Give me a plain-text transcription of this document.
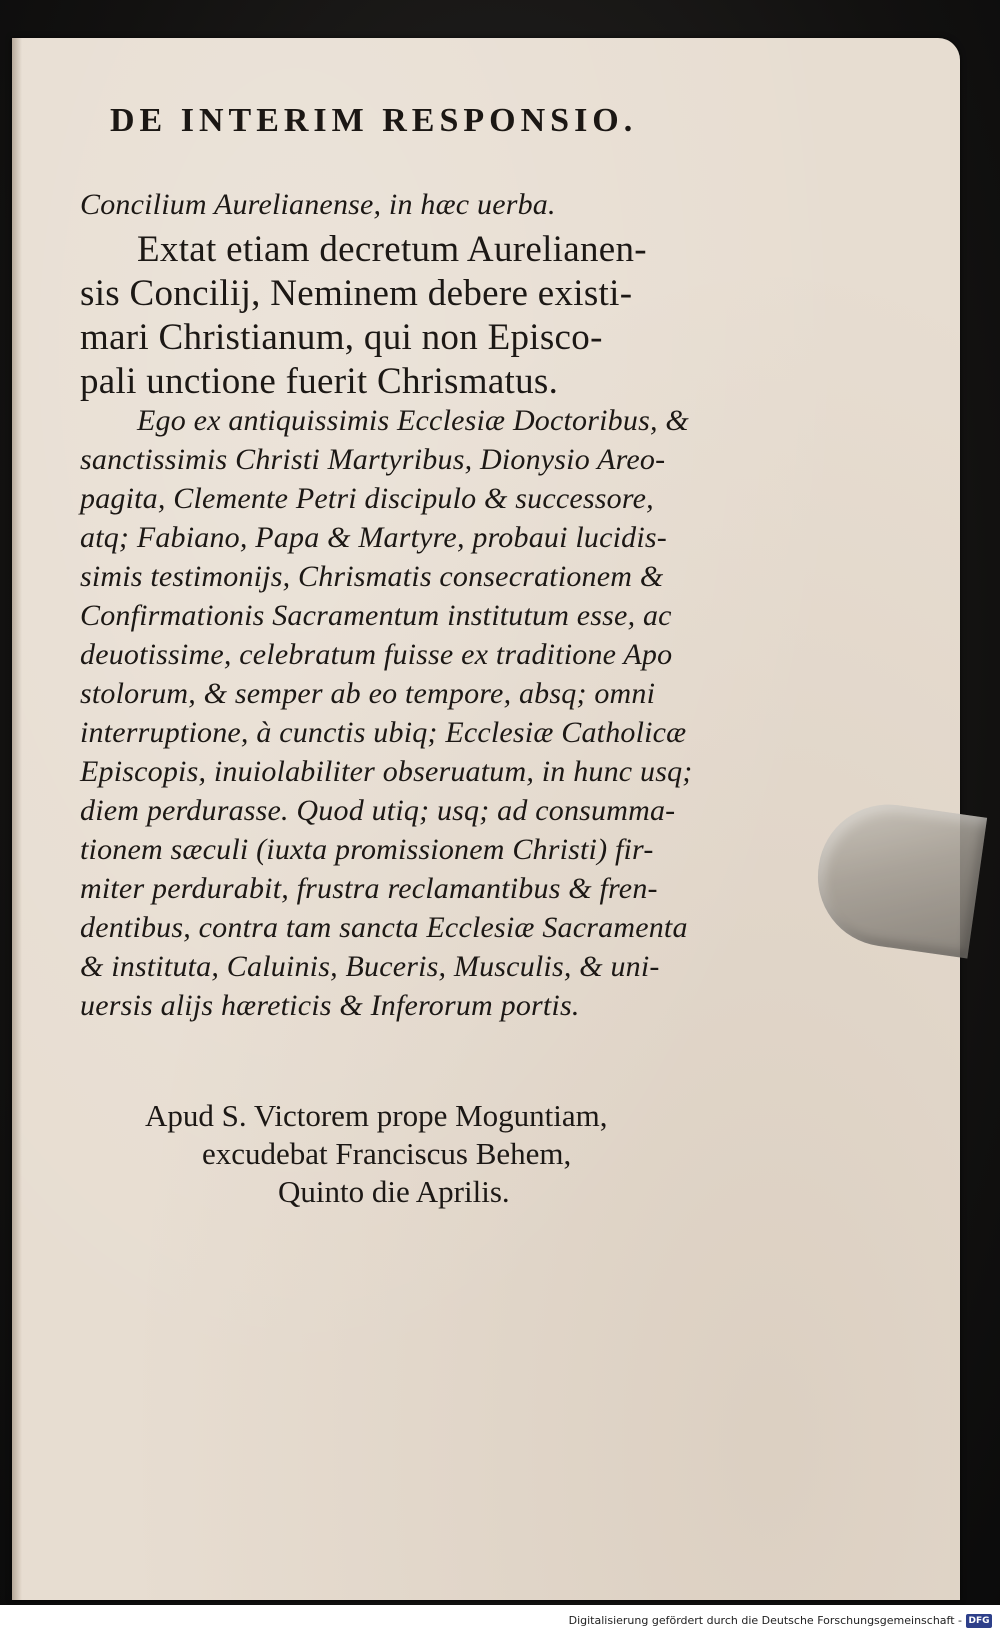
DE INTERIM RESPONSIO.
Concilium Aurelianense, in hæc uerba.
Extat etiam decretum Aurelianen-
sis Concilij, Neminem debere existi-
mari Christianum, qui non Episco-
pali unctione fuerit Chrismatus.
Ego ex antiquissimis Ecclesiæ Doctoribus, &
sanctissimis Christi Martyribus, Dionysio Areo-
pagita, Clemente Petri discipulo & successore,
atq; Fabiano, Papa & Martyre, probaui lucidis-
simis testimonijs, Chrismatis consecrationem &
Confirmationis Sacramentum institutum esse, ac
deuotissime, celebratum fuisse ex traditione Apo
stolorum, & semper ab eo tempore, absq; omni
interruptione, à cunctis ubiq; Ecclesiæ Catholicæ
Episcopis, inuiolabiliter obseruatum, in hunc usq;
diem perdurasse. Quod utiq; usq; ad consumma-
tionem sæculi (iuxta promissionem Christi) fir-
miter perdurabit, frustra reclamantibus & fren-
dentibus, contra tam sancta Ecclesiæ Sacramenta
& instituta, Caluinis, Buceris, Musculis, & uni-
uersis alijs hæreticis & Inferorum portis.
Apud S. Victorem prope Moguntiam,
excudebat Franciscus Behem,
Quinto die Aprilis.
Digitalisierung gefördert durch die Deutsche Forschungsgemeinschaft - DFG
